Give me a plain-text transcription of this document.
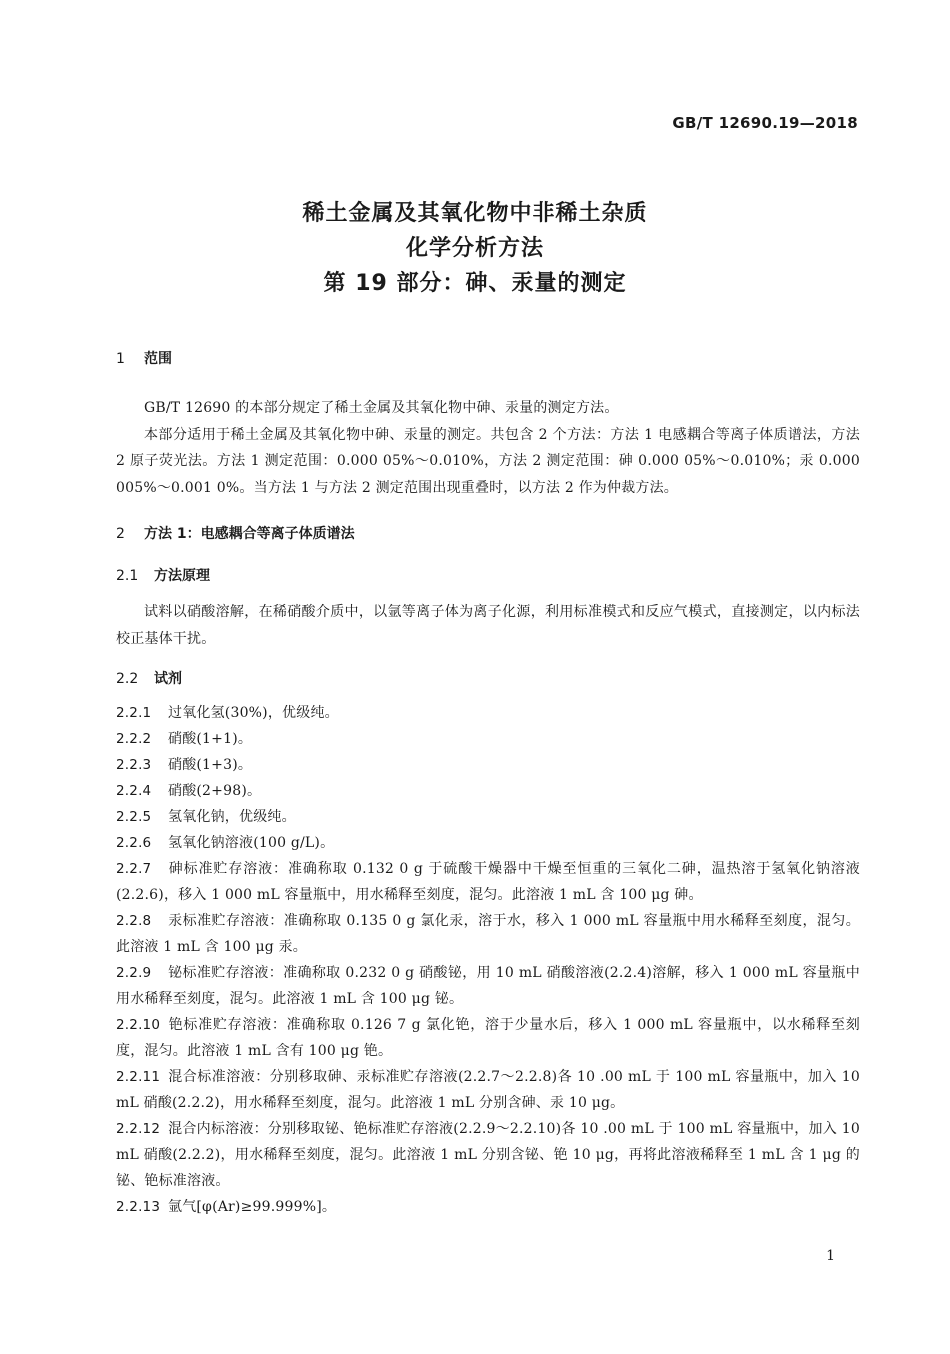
GB/T 12690.19—2018
稀土金属及其氧化物中非稀土杂质
化学分析方法
第 19 部分：砷、汞量的测定
1 范围

GB/T 12690 的本部分规定了稀土金属及其氧化物中砷、汞量的测定方法。

本部分适用于稀土金属及其氧化物中砷、汞量的测定。共包含 2 个方法：方法 1 电感耦合等离子体质谱法，方法 2 原子荧光法。方法 1 测定范围：0.000 05%～0.010%，方法 2 测定范围：砷 0.000 05%～0.010%；汞 0.000 005%～0.001 0%。当方法 1 与方法 2 测定范围出现重叠时，以方法 2 作为仲裁方法。

2 方法 1：电感耦合等离子体质谱法
2.1 方法原理

试料以硝酸溶解，在稀硝酸介质中，以氩等离子体为离子化源，利用标准模式和反应气模式，直接测定，以内标法校正基体干扰。

2.2 试剂
2.2.1 过氧化氢(30%)，优级纯。
2.2.2 硝酸(1+1)。
2.2.3 硝酸(1+3)。
2.2.4 硝酸(2+98)。
2.2.5 氢氧化钠，优级纯。
2.2.6 氢氧化钠溶液(100 g/L)。
2.2.7 砷标准贮存溶液：准确称取 0.132 0 g 于硫酸干燥器中干燥至恒重的三氧化二砷，温热溶于氢氧化钠溶液(2.2.6)，移入 1 000 mL 容量瓶中，用水稀释至刻度，混匀。此溶液 1 mL 含 100 μg 砷。
2.2.8 汞标准贮存溶液：准确称取 0.135 0 g 氯化汞，溶于水，移入 1 000 mL 容量瓶中用水稀释至刻度，混匀。此溶液 1 mL 含 100 μg 汞。
2.2.9 铋标准贮存溶液：准确称取 0.232 0 g 硝酸铋，用 10 mL 硝酸溶液(2.2.4)溶解，移入 1 000 mL 容量瓶中用水稀释至刻度，混匀。此溶液 1 mL 含 100 μg 铋。
2.2.10 铯标准贮存溶液：准确称取 0.126 7 g 氯化铯，溶于少量水后，移入 1 000 mL 容量瓶中，以水稀释至刻度，混匀。此溶液 1 mL 含有 100 μg 铯。
2.2.11 混合标准溶液：分别移取砷、汞标准贮存溶液(2.2.7～2.2.8)各 10 .00 mL 于 100 mL 容量瓶中，加入 10 mL 硝酸(2.2.2)，用水稀释至刻度，混匀。此溶液 1 mL 分别含砷、汞 10 μg。
2.2.12 混合内标溶液：分别移取铋、铯标准贮存溶液(2.2.9～2.2.10)各 10 .00 mL 于 100 mL 容量瓶中，加入 10 mL 硝酸(2.2.2)，用水稀释至刻度，混匀。此溶液 1 mL 分别含铋、铯 10 μg，再将此溶液稀释至 1 mL 含 1 μg 的铋、铯标准溶液。
2.2.13 氩气[φ(Ar)≥99.999%]。
1
